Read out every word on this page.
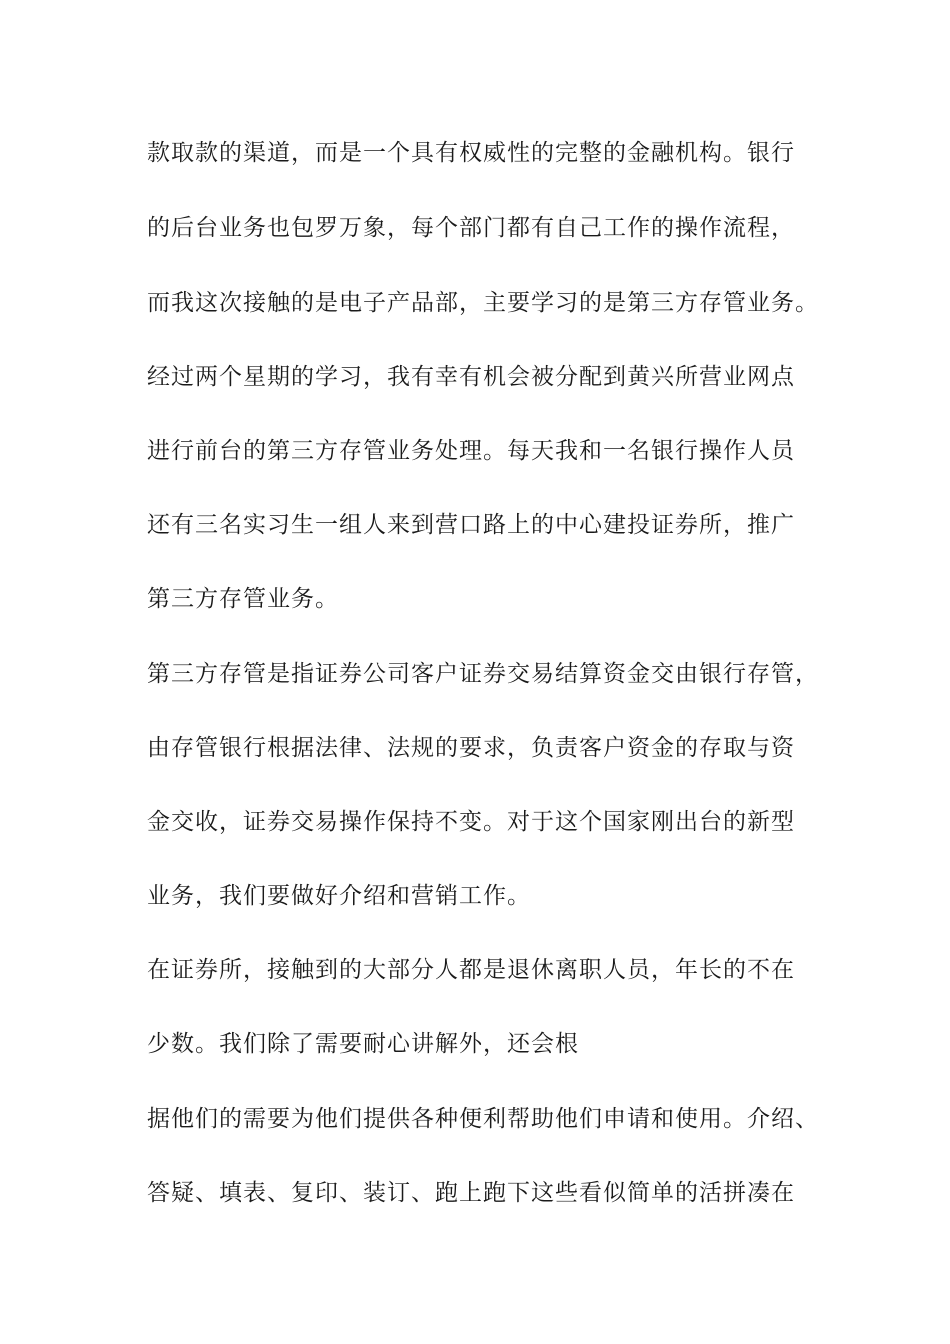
款取款的渠道，而是一个具有权威性的完整的金融机构。银行
的后台业务也包罗万象，每个部门都有自己工作的操作流程，
而我这次接触的是电子产品部，主要学习的是第三方存管业务。
经过两个星期的学习，我有幸有机会被分配到黄兴所营业网点
进行前台的第三方存管业务处理。每天我和一名银行操作人员
还有三名实习生一组人来到营口路上的中心建投证券所，推广
第三方存管业务。
第三方存管是指证券公司客户证券交易结算资金交由银行存管，
由存管银行根据法律、法规的要求，负责客户资金的存取与资
金交收，证券交易操作保持不变。对于这个国家刚出台的新型
业务，我们要做好介绍和营销工作。
在证券所，接触到的大部分人都是退休离职人员，年长的不在
少数。我们除了需要耐心讲解外，还会根
据他们的需要为他们提供各种便利帮助他们申请和使用。介绍、
答疑、填表、复印、装订、跑上跑下这些看似简单的活拼凑在
